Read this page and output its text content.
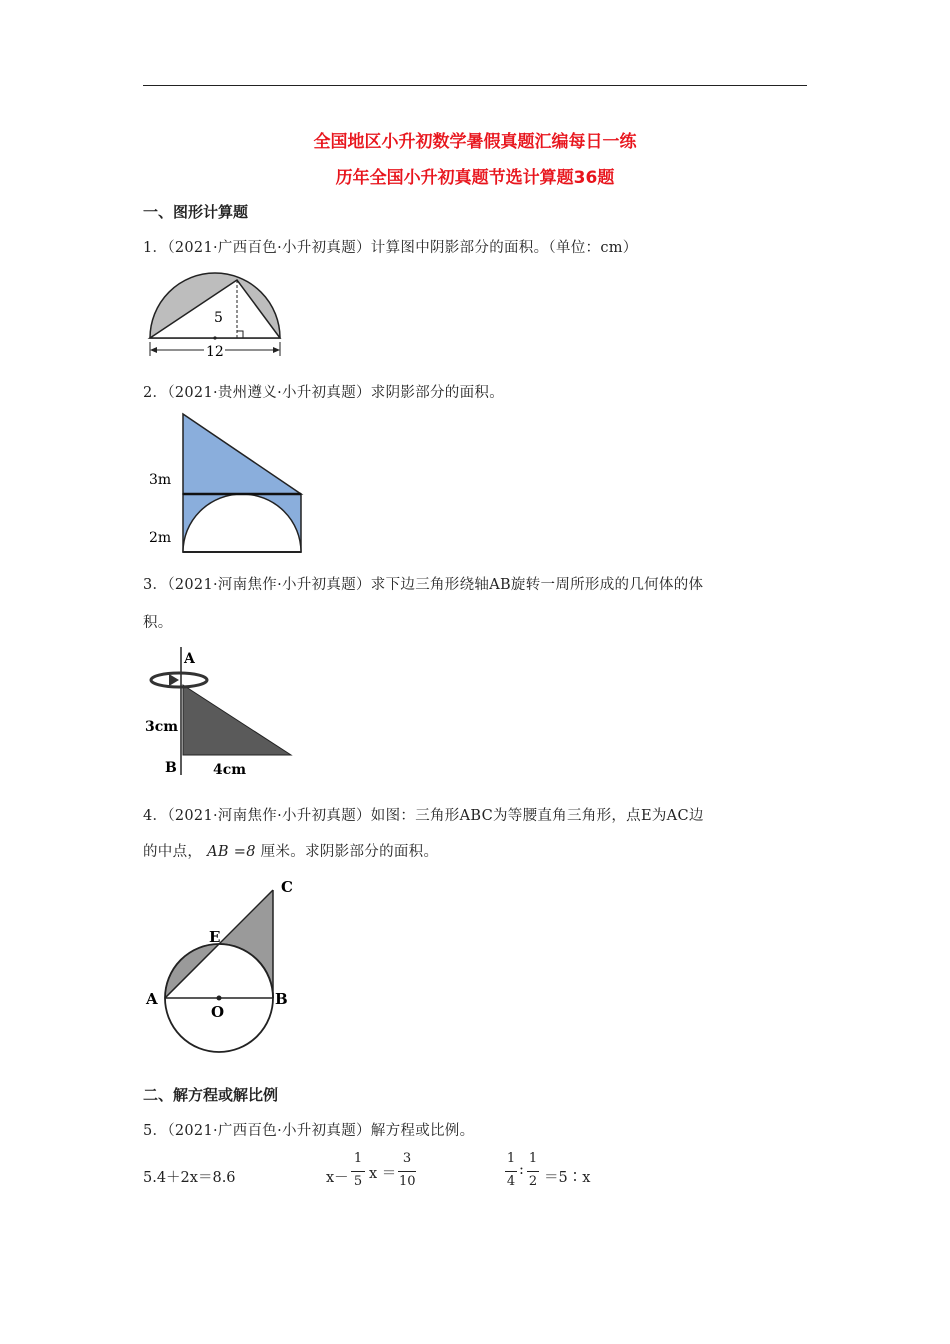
全国地区小升初数学暑假真题汇编每日一练
历年全国小升初真题节选计算题36题
一、图形计算题
1．（2021·广西百色·小升初真题）计算图中阴影部分的面积。（单位：cm）
5
12
2．（2021·贵州遵义·小升初真题）求阴影部分的面积。
3m
2m
3．（2021·河南焦作·小升初真题）求下边三角形绕轴AB旋转一周所形成的几何体的体
积。
A
3cm
B	4cm
4．（2021·河南焦作·小升初真题）如图：三角形ABC为等腰直角三角形，点E为AC边
的中点， AB =8 厘米。求阴影部分的面积。
C
E
A	B
O
二、解方程或解比例
5．（2021·广西百色·小升初真题）解方程或比例。
5.4＋2x＝8.6	x－
1
5 x ＝
3
10
1
4
:
1
2 ＝5∶x
